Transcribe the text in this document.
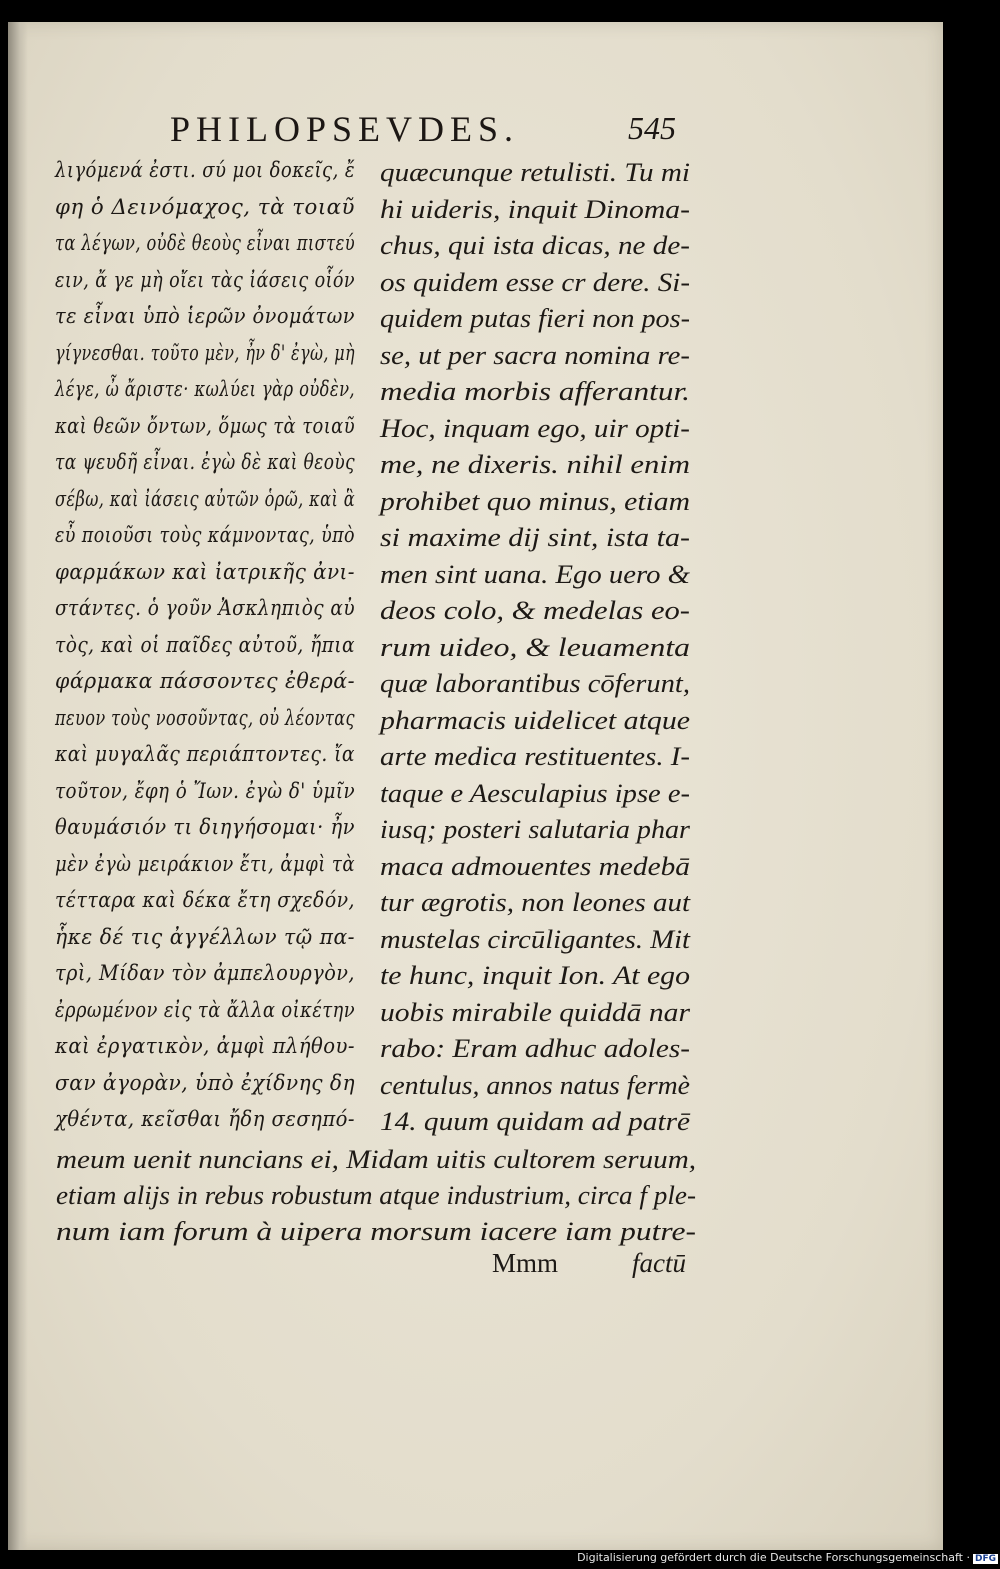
PHILOPSEVDES.	545
λιγόμενά ἐστι. σύ μοι δοκεῖς, ἔ
φη ὁ Δεινόμαχος, τὰ τοιαῦ
τα λέγων, οὐδὲ θεοὺς εἶναι πιστεύ
ειν, ἄ γε μὴ οἴει τὰς ἰάσεις οἷόν
τε εἶναι ὑπὸ ἱερῶν ὀνομάτων
γίγνεσθαι. τοῦτο μὲν, ἦν δ' ἐγὼ, μὴ
λέγε, ὦ ἄριστε· κωλύει γὰρ οὐδὲν,
καὶ θεῶν ὄντων, ὅμως τὰ τοιαῦ
τα ψευδῆ εἶναι. ἐγὼ δὲ καὶ θεοὺς
σέβω, καὶ ἰάσεις αὐτῶν ὁρῶ, καὶ ἃ
εὖ ποιοῦσι τοὺς κάμνοντας, ὑπὸ
φαρμάκων καὶ ἰατρικῆς ἀνι-
στάντες. ὁ γοῦν Ἀσκληπιὸς αὐ
τὸς, καὶ οἱ παῖδες αὐτοῦ, ἤπια
φάρμακα πάσσοντες ἐθερά-
πευον τοὺς νοσοῦντας, οὐ λέοντας
καὶ μυγαλᾶς περιάπτοντες. ἴα
τοῦτον, ἔφη ὁ Ἴων. ἐγὼ δ' ὑμῖν
θαυμάσιόν τι διηγήσομαι· ἦν
μὲν ἐγὼ μειράκιον ἔτι, ἀμφὶ τὰ
τέτταρα καὶ δέκα ἔτη σχεδόν,
ἧκε δέ τις ἀγγέλλων τῷ πα-
τρὶ, Μίδαν τὸν ἀμπελουργὸν,
ἐρρωμένον εἰς τὰ ἄλλα οἰκέτην
καὶ ἐργατικὸν, ἀμφὶ πλήθου-
σαν ἀγορὰν, ὑπὸ ἐχίδνης δη
χθέντα, κεῖσθαι ἤδη σεσηπό-
quæcunque retulisti. Tu mi
hi uideris, inquit Dinoma-
chus, qui ista dicas, ne de-
os quidem esse cr dere. Si-
quidem putas fieri non pos-
se, ut per sacra nomina re-
media morbis afferantur.
Hoc, inquam ego, uir opti-
me, ne dixeris. nihil enim
prohibet quo minus, etiam
si maxime dij sint, ista ta-
men sint uana. Ego uero &
deos colo, & medelas eo-
rum uideo, & leuamenta
quæ laborantibus cōferunt,
pharmacis uidelicet atque
arte medica restituentes. I-
taque e Aesculapius ipse e-
iusq; posteri salutaria phar
maca admouentes medebā
tur ægrotis, non leones aut
mustelas circūligantes. Mit
te hunc, inquit Ion. At ego
uobis mirabile quiddā nar
rabo: Eram adhuc adoles-
centulus, annos natus fermè
14. quum quidam ad patrē
meum uenit nuncians ei, Midam uitis cultorem seruum,
etiam alijs in rebus robustum atque industrium, circa f ple-
num iam forum à uipera morsum iacere iam putre-
Mmm	factū
Digitalisierung gefördert durch die Deutsche Forschungsgemeinschaft · DFG
